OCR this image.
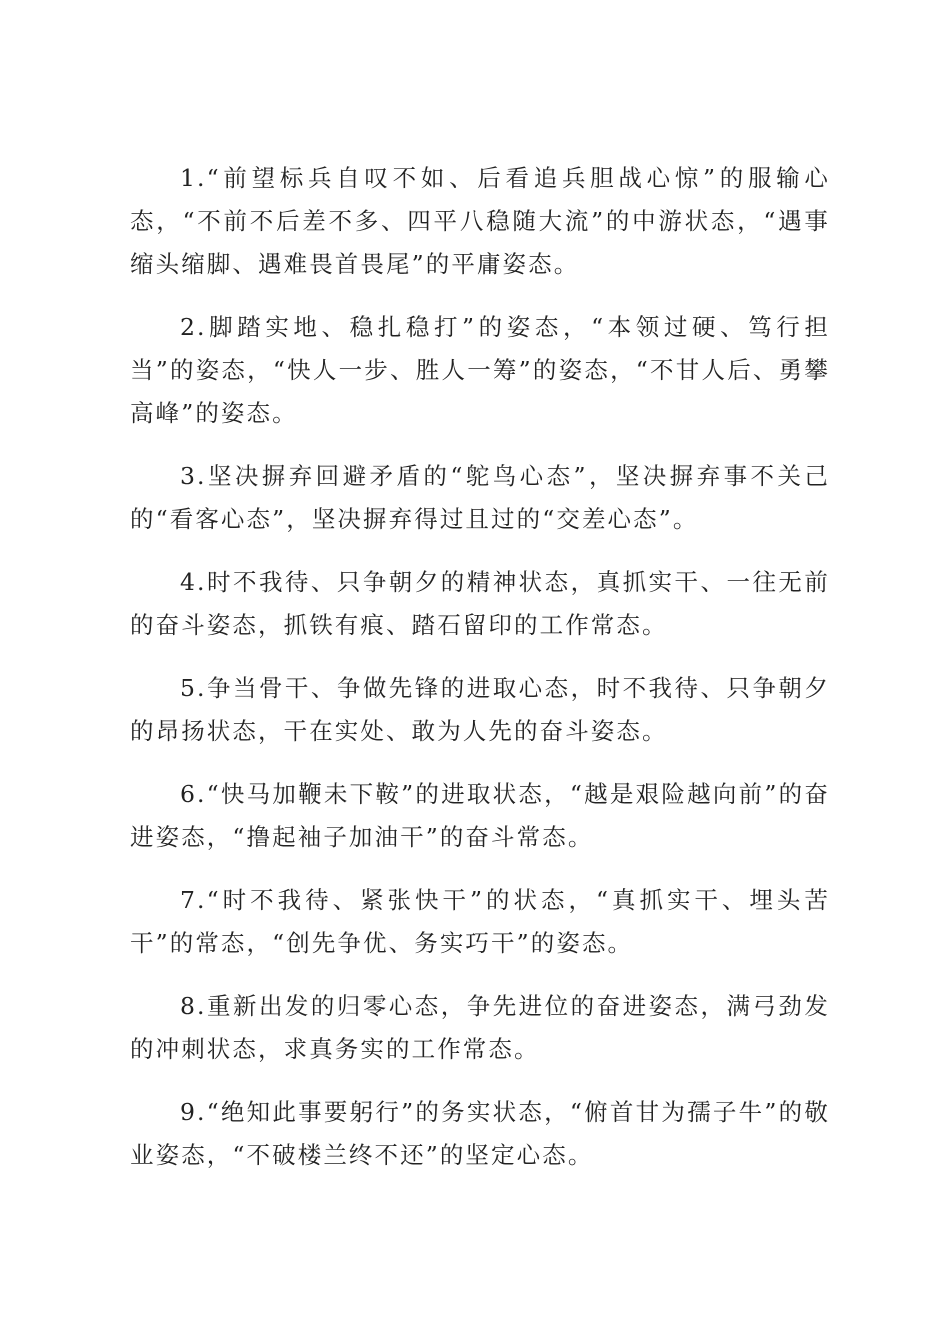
1.“前望标兵自叹不如、后看追兵胆战心惊”的服输心态，“不前不后差不多、四平八稳随大流”的中游状态，“遇事缩头缩脚、遇难畏首畏尾”的平庸姿态。

2.脚踏实地、稳扎稳打”的姿态，“本领过硬、笃行担当”的姿态，“快人一步、胜人一筹”的姿态，“不甘人后、勇攀高峰”的姿态。

3.坚决摒弃回避矛盾的“鸵鸟心态”，坚决摒弃事不关己的“看客心态”，坚决摒弃得过且过的“交差心态”。

4.时不我待、只争朝夕的精神状态，真抓实干、一往无前的奋斗姿态，抓铁有痕、踏石留印的工作常态。

5.争当骨干、争做先锋的进取心态，时不我待、只争朝夕的昂扬状态，干在实处、敢为人先的奋斗姿态。

6.“快马加鞭未下鞍”的进取状态，“越是艰险越向前”的奋进姿态，“撸起袖子加油干”的奋斗常态。

7.“时不我待、紧张快干”的状态，“真抓实干、埋头苦干”的常态，“创先争优、务实巧干”的姿态。

8.重新出发的归零心态，争先进位的奋进姿态，满弓劲发的冲刺状态，求真务实的工作常态。

9.“绝知此事要躬行”的务实状态，“俯首甘为孺子牛”的敬业姿态，“不破楼兰终不还”的坚定心态。
